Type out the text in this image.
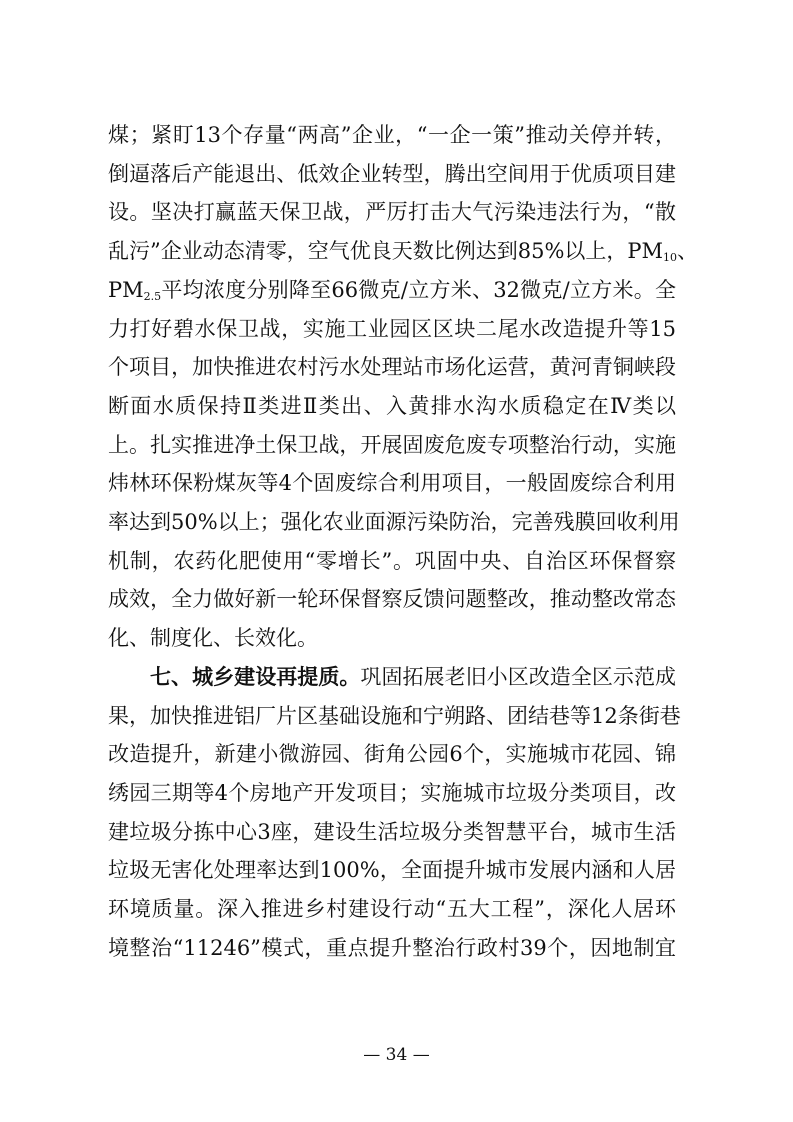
煤；紧盯13个存量“两高”企业，“一企一策”推动关停并转，
倒逼落后产能退出、低效企业转型，腾出空间用于优质项目建
设。坚决打赢蓝天保卫战，严厉打击大气污染违法行为，“散
乱污”企业动态清零，空气优良天数比例达到85%以上，$PM_{10}$、
$PM_{2.5}$平均浓度分别降至66微克/立方米、32微克/立方米。全
力打好碧水保卫战，实施工业园区区块二尾水改造提升等15
个项目，加快推进农村污水处理站市场化运营，黄河青铜峡段
断面水质保持Ⅱ类进Ⅱ类出、入黄排水沟水质稳定在Ⅳ类以
上。扎实推进净土保卫战，开展固废危废专项整治行动，实施
炜林环保粉煤灰等4个固废综合利用项目，一般固废综合利用
率达到50%以上；强化农业面源污染防治，完善残膜回收利用
机制，农药化肥使用“零增长”。巩固中央、自治区环保督察
成效，全力做好新一轮环保督察反馈问题整改，推动整改常态
化、制度化、长效化。
七、城乡建设再提质。巩固拓展老旧小区改造全区示范成
果，加快推进铝厂片区基础设施和宁朔路、团结巷等12条街巷
改造提升，新建小微游园、街角公园6个，实施城市花园、锦
绣园三期等4个房地产开发项目；实施城市垃圾分类项目，改
建垃圾分拣中心3座，建设生活垃圾分类智慧平台，城市生活
垃圾无害化处理率达到100%，全面提升城市发展内涵和人居
环境质量。深入推进乡村建设行动“五大工程”，深化人居环
境整治“11246”模式，重点提升整治行政村39个，因地制宜
— 34 —
